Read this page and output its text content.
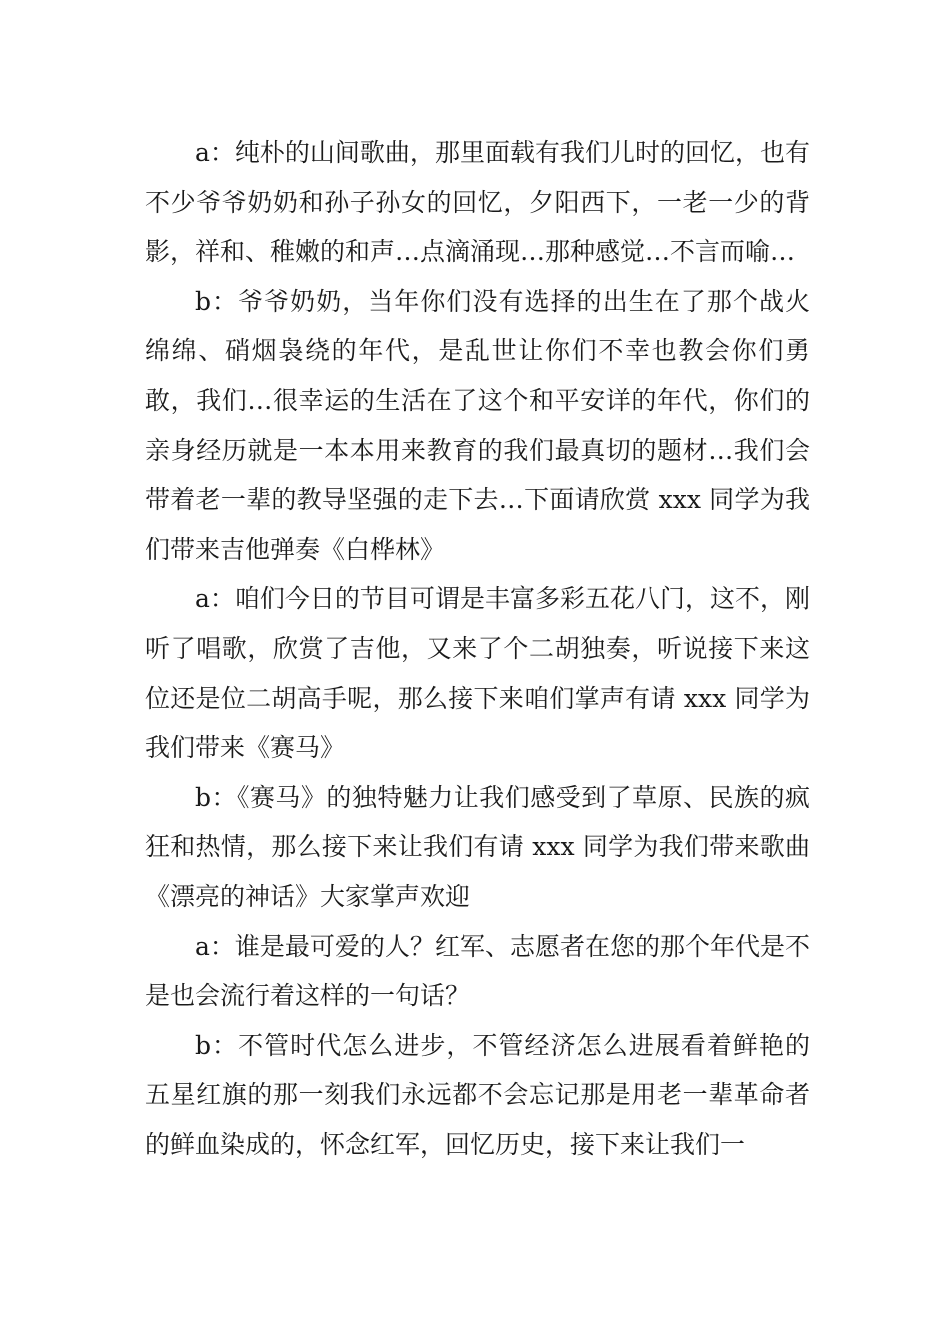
a：纯朴的山间歌曲，那里面载有我们儿时的回忆，也有不少爷爷奶奶和孙子孙女的回忆，夕阳西下，一老一少的背影，祥和、稚嫩的和声…点滴涌现…那种感觉…不言而喻…

b：爷爷奶奶，当年你们没有选择的出生在了那个战火绵绵、硝烟袅绕的年代，是乱世让你们不幸也教会你们勇敢，我们…很幸运的生活在了这个和平安详的年代，你们的亲身经历就是一本本用来教育的我们最真切的题材…我们会带着老一辈的教导坚强的走下去…下面请欣赏 xxx 同学为我们带来吉他弹奏《白桦林》

a：咱们今日的节目可谓是丰富多彩五花八门，这不，刚听了唱歌，欣赏了吉他，又来了个二胡独奏，听说接下来这位还是位二胡高手呢，那么接下来咱们掌声有请 xxx 同学为我们带来《赛马》

b：《赛马》的独特魅力让我们感受到了草原、民族的疯狂和热情，那么接下来让我们有请 xxx 同学为我们带来歌曲《漂亮的神话》大家掌声欢迎

a：谁是最可爱的人？红军、志愿者在您的那个年代是不是也会流行着这样的一句话？

b：不管时代怎么进步，不管经济怎么进展看着鲜艳的五星红旗的那一刻我们永远都不会忘记那是用老一辈革命者的鲜血染成的，怀念红军，回忆历史，接下来让我们一
